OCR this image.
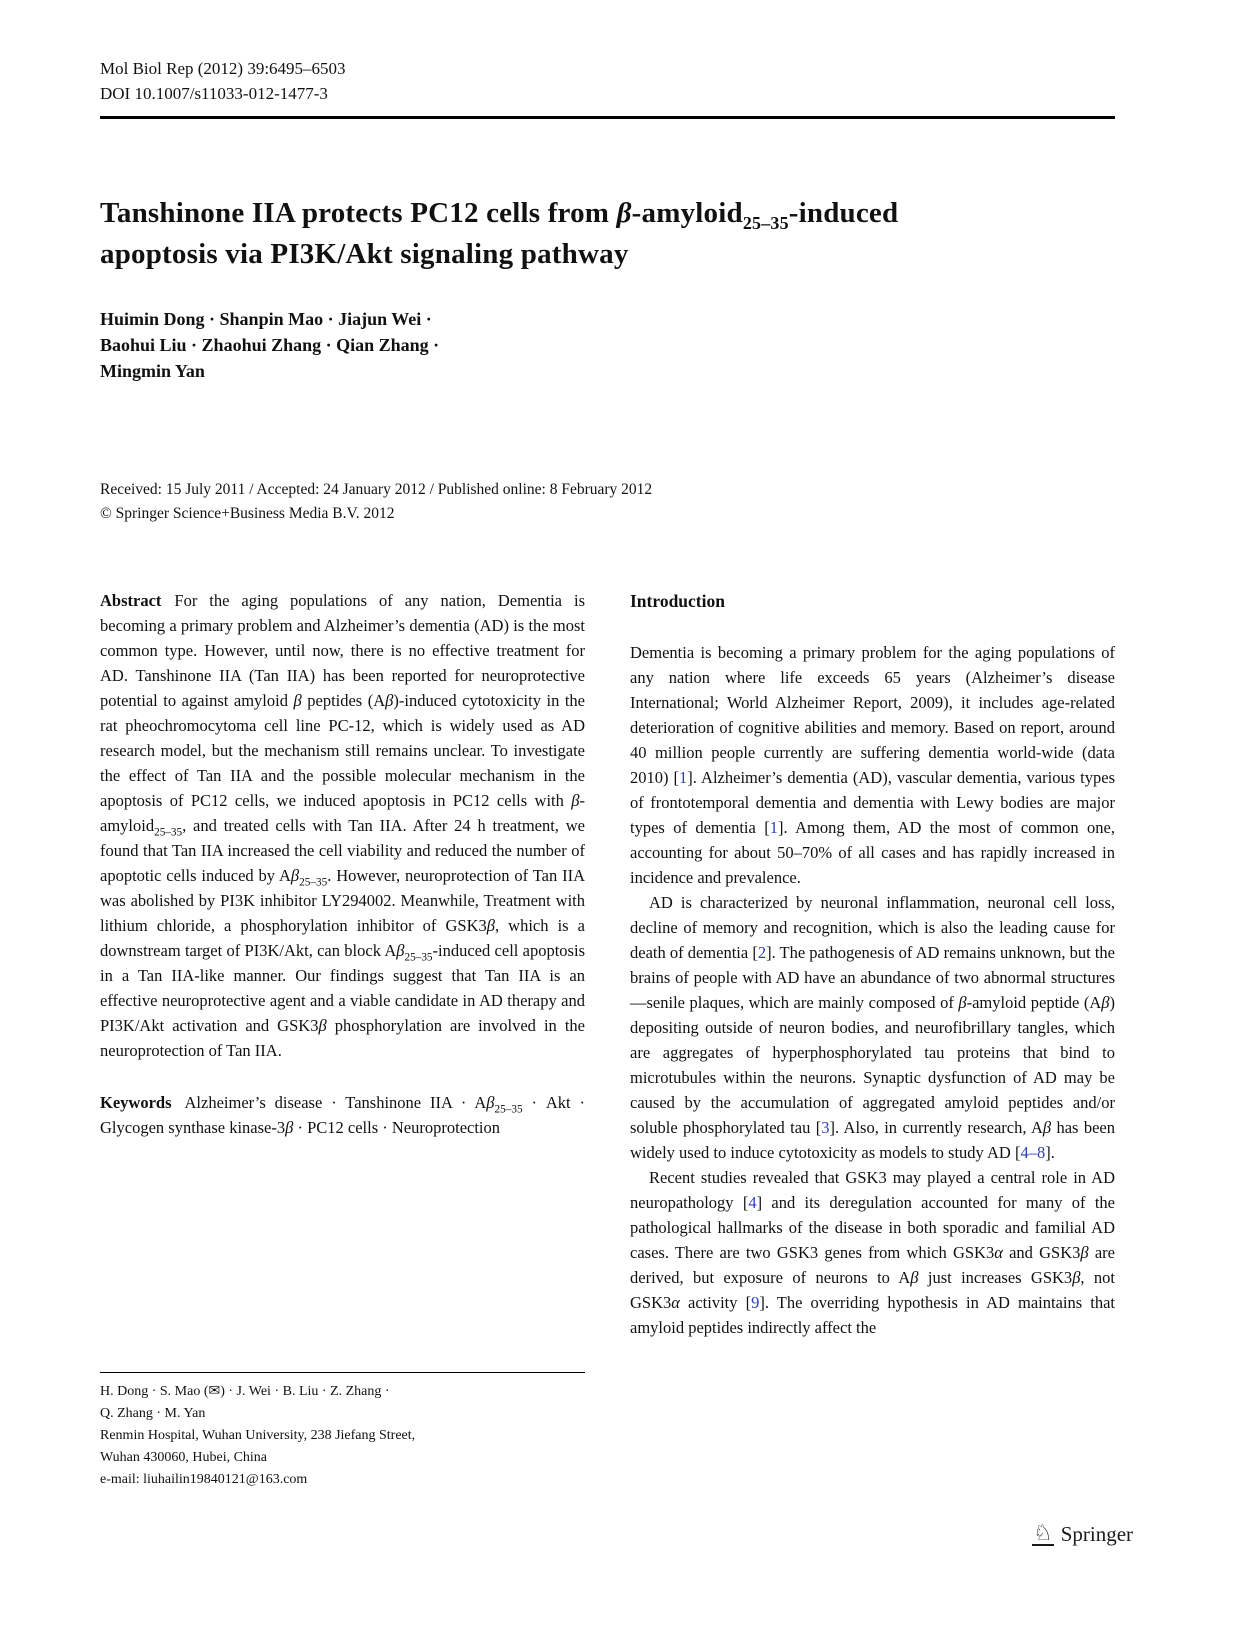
Mol Biol Rep (2012) 39:6495–6503
DOI 10.1007/s11033-012-1477-3
Tanshinone IIA protects PC12 cells from β-amyloid$_{25-35}$-induced
apoptosis via PI3K/Akt signaling pathway
Huimin Dong · Shanpin Mao · Jiajun Wei ·
Baohui Liu · Zhaohui Zhang · Qian Zhang ·
Mingmin Yan
Received: 15 July 2011 / Accepted: 24 January 2012 / Published online: 8 February 2012
© Springer Science+Business Media B.V. 2012

Abstract For the aging populations of any nation, Dementia is becoming a primary problem and Alzheimer’s dementia (AD) is the most common type. However, until now, there is no effective treatment for AD. Tanshinone IIA (Tan IIA) has been reported for neuroprotective potential to against amyloid β peptides (Aβ)-induced cytotoxicity in the rat pheochromocytoma cell line PC-12, which is widely used as AD research model, but the mechanism still remains unclear. To investigate the effect of Tan IIA and the possible molecular mechanism in the apoptosis of PC12 cells, we induced apoptosis in PC12 cells with β-amyloid$_{25-35}$, and treated cells with Tan IIA. After 24 h treatment, we found that Tan IIA increased the cell viability and reduced the number of apoptotic cells induced by $A\beta_{25-35}$. However, neuroprotection of Tan IIA was abolished by PI3K inhibitor LY294002. Meanwhile, Treatment with lithium chloride, a phosphorylation inhibitor of GSK3β, which is a downstream target of PI3K/Akt, can block $A\beta_{25-35}$-induced cell apoptosis in a Tan IIA-like manner. Our findings suggest that Tan IIA is an effective neuroprotective agent and a viable candidate in AD therapy and PI3K/Akt activation and GSK3β phosphorylation are involved in the neuroprotection of Tan IIA.

Keywords Alzheimer’s disease · Tanshinone IIA · $A\beta_{25-35}$ · Akt · Glycogen synthase kinase-3β · PC12 cells · Neuroprotection

Introduction

Dementia is becoming a primary problem for the aging populations of any nation where life exceeds 65 years (Alzheimer’s disease International; World Alzheimer Report, 2009), it includes age-related deterioration of cognitive abilities and memory. Based on report, around 40 million people currently are suffering dementia world-wide (data 2010) [1]. Alzheimer’s dementia (AD), vascular dementia, various types of frontotemporal dementia and dementia with Lewy bodies are major types of dementia [1]. Among them, AD the most of common one, accounting for about 50–70% of all cases and has rapidly increased in incidence and prevalence.

AD is characterized by neuronal inflammation, neuronal cell loss, decline of memory and recognition, which is also the leading cause for death of dementia [2]. The pathogenesis of AD remains unknown, but the brains of people with AD have an abundance of two abnormal structures—senile plaques, which are mainly composed of β-amyloid peptide (Aβ) depositing outside of neuron bodies, and neurofibrillary tangles, which are aggregates of hyperphosphorylated tau proteins that bind to microtubules within the neurons. Synaptic dysfunction of AD may be caused by the accumulation of aggregated amyloid peptides and/or soluble phosphorylated tau [3]. Also, in currently research, Aβ has been widely used to induce cytotoxicity as models to study AD [4–8].

Recent studies revealed that GSK3 may played a central role in AD neuropathology [4] and its deregulation accounted for many of the pathological hallmarks of the disease in both sporadic and familial AD cases. There are two GSK3 genes from which GSK3α and GSK3β are derived, but exposure of neurons to Aβ just increases GSK3β, not GSK3α activity [9]. The overriding hypothesis in AD maintains that amyloid peptides indirectly affect the

H. Dong · S. Mao (✉) · J. Wei · B. Liu · Z. Zhang ·
Q. Zhang · M. Yan
Renmin Hospital, Wuhan University, 238 Jiefang Street,
Wuhan 430060, Hubei, China
e-mail: liuhailin19840121@163.com
♘ Springer
